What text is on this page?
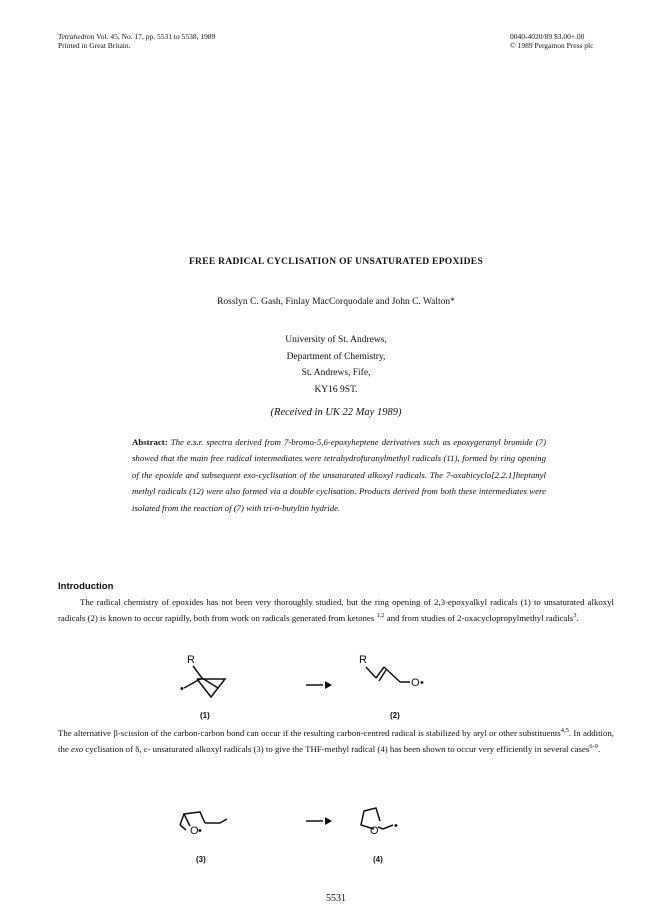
Tetrahedron Vol. 45, No. 17, pp. 5531 to 5538, 1989
Printed in Great Britain.
0040-4020/89 $3.00+.00
© 1989 Pergamon Press plc
FREE RADICAL CYCLISATION OF UNSATURATED EPOXIDES
Rosslyn C. Gash, Finlay MacCorquodale and John C. Walton*
University of St. Andrews,
Department of Chemistry,
St. Andrews, Fife,
KY16 9ST.
(Received in UK 22 May 1989)
Abstract: The e.s.r. spectra derived from 7-bromo-5,6-epoxyheptene derivatives such as epoxygeranyl bromide (7) showed that the main free radical intermediates were tetrahydrofuranylmethyl radicals (11), formed by ring opening of the epoxide and subsequent exo-cyclisation of the unsaturated alkoxyl radicals. The 7-oxabicyclo[2.2.1]heptanyl methyl radicals (12) were also formed via a double cyclisation. Products derived from both these intermediates were isolated from the reaction of (7) with tri-n-butyltin hydride.
Introduction
The radical chemistry of epoxides has not been very thoroughly studied, but the ring opening of 2,3-epoxyalkyl radicals (1) to unsaturated alkoxyl radicals (2) is known to occur rapidly, both from work on radicals generated from ketones $^{1,2}$ and from studies of 2-oxacyclopropylmethyl radicals$^3$.
R
•
R
O •
(1)	(2)
The alternative β-scission of the carbon-carbon bond can occur if the resulting carbon-centred radical is stabilized by aryl or other substituents$^{4,5}$. In addition, the exo cyclisation of δ, ε- unsaturated alkoxyl radicals (3) to give the THF-methyl radical (4) has been shown to occur very efficiently in several cases$^{6-9}$.
O •	O •
(3)	(4)
5531
